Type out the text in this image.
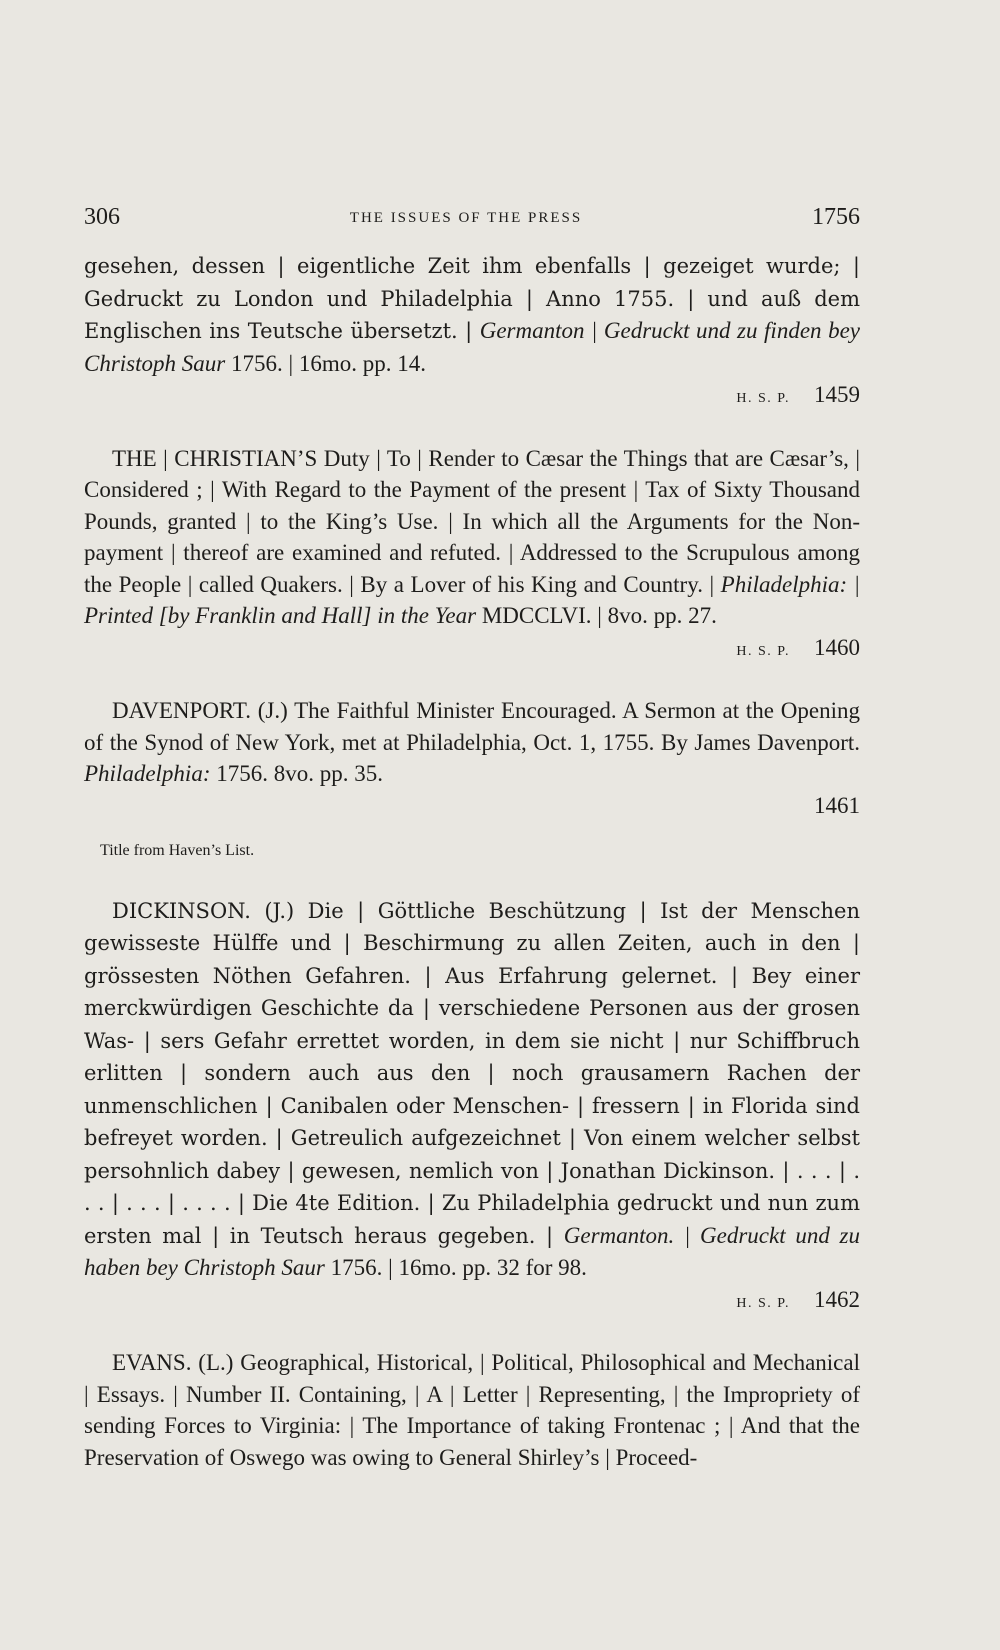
306	THE ISSUES OF THE PRESS	1756
gesehen, dessen | eigentliche Zeit ihm ebenfalls | gezeiget wurde; | Gedruckt zu London und Philadelphia | Anno 1755. | und auß dem Englischen ins Teutsche übersetzt. | Germanton | Gedruckt und zu finden bey Christoph Saur 1756. | 16mo. pp. 14.
H. S. P. 1459
THE | CHRISTIAN’S Duty | To | Render to Cæsar the Things that are Cæsar’s, | Considered ; | With Regard to the Payment of the present | Tax of Sixty Thousand Pounds, granted | to the King’s Use. | In which all the Arguments for the Non-payment | thereof are examined and refuted. | Addressed to the Scrupulous among the People | called Quakers. | By a Lover of his King and Country. | Philadelphia: | Printed [by Franklin and Hall] in the Year MDCCLVI. | 8vo. pp. 27.
H. S. P. 1460
DAVENPORT. (J.) The Faithful Minister Encouraged. A Sermon at the Opening of the Synod of New York, met at Philadelphia, Oct. 1, 1755. By James Davenport. Philadelphia: 1756. 8vo. pp. 35.
1461
Title from Haven’s List.
DICKINSON. (J.) Die | Göttliche Beschützung | Ist der Menschen gewisseste Hülffe und | Beschirmung zu allen Zeiten, auch in den | grössesten Nöthen Gefahren. | Aus Erfahrung gelernet. | Bey einer merckwürdigen Geschichte da | verschiedene Personen aus der grosen Was- | sers Gefahr errettet worden, in dem sie nicht | nur Schiffbruch erlitten | sondern auch aus den | noch grausamern Rachen der unmenschlichen | Canibalen oder Menschen- | fressern | in Florida sind befreyet worden. | Getreulich aufgezeichnet | Von einem welcher selbst persohnlich dabey | gewesen, nemlich von | Jonathan Dickinson. | . . . | . . . | . . . | . . . . | Die 4te Edition. | Zu Philadelphia gedruckt und nun zum ersten mal | in Teutsch heraus gegeben. | Germanton. | Gedruckt und zu haben bey Christoph Saur 1756. | 16mo. pp. 32 for 98.
H. S. P. 1462
EVANS. (L.) Geographical, Historical, | Political, Philosophical and Mechanical | Essays. | Number II. Containing, | A | Letter | Representing, | the Impropriety of sending Forces to Virginia: | The Importance of taking Frontenac ; | And that the Preservation of Oswego was owing to General Shirley’s | Proceed-
